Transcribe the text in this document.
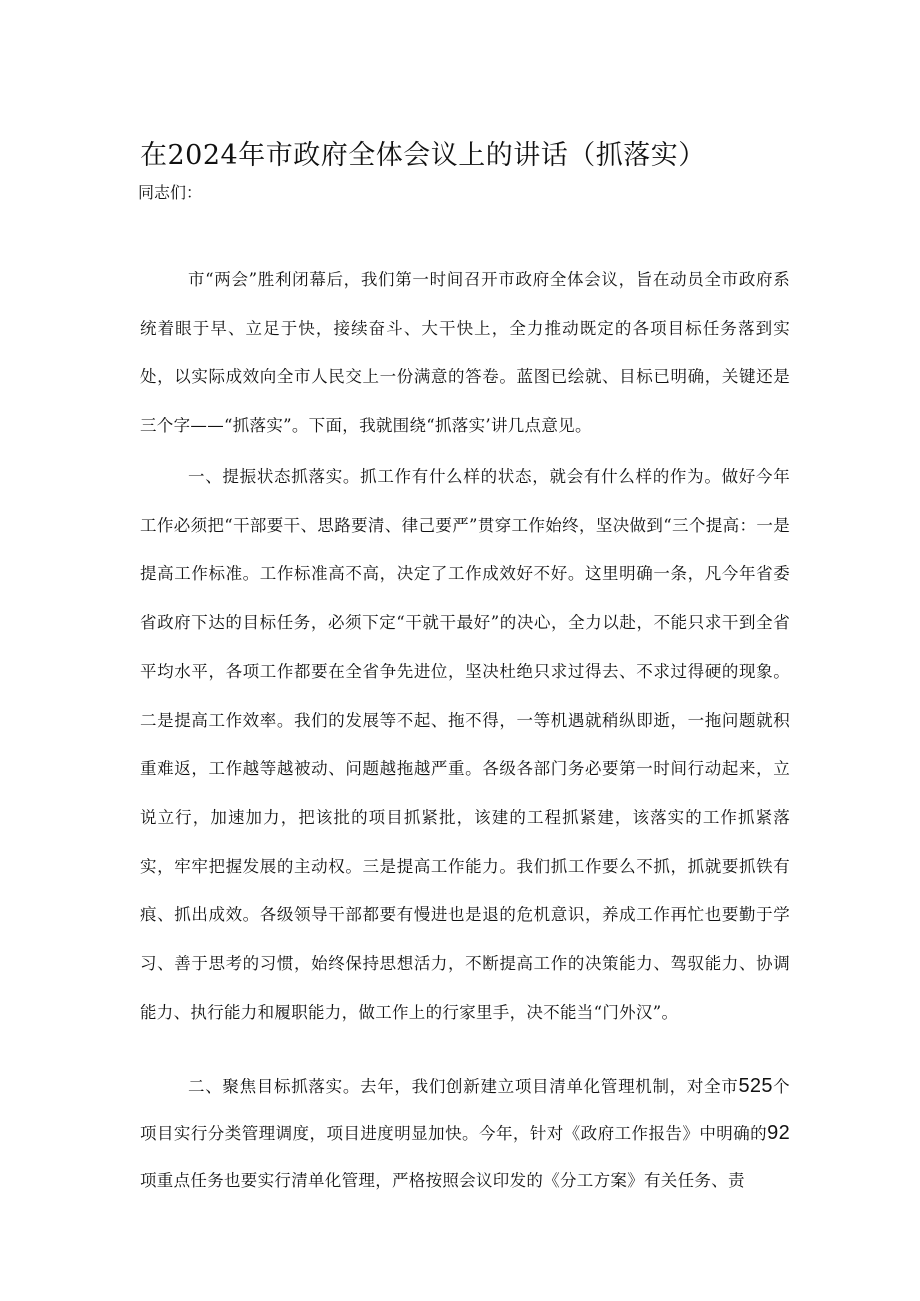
在2024年市政府全体会议上的讲话（抓落实）

同志们：

市“两会”胜利闭幕后，我们第一时间召开市政府全体会议，旨在动员全市政府系统着眼于早、立足于快，接续奋斗、大干快上，全力推动既定的各项目标任务落到实处，以实际成效向全市人民交上一份满意的答卷。蓝图已绘就、目标已明确，关键还是三个字——“抓落实”。下面，我就围绕“抓落实’讲几点意见。

一、提振状态抓落实。抓工作有什么样的状态，就会有什么样的作为。做好今年工作必须把“干部要干、思路要清、律己要严”贯穿工作始终，坚决做到“三个提高：一是提高工作标准。工作标准高不高，决定了工作成效好不好。这里明确一条，凡今年省委省政府下达的目标任务，必须下定“干就干最好”的决心，全力以赴，不能只求干到全省平均水平，各项工作都要在全省争先进位，坚决杜绝只求过得去、不求过得硬的现象。二是提高工作效率。我们的发展等不起、拖不得，一等机遇就稍纵即逝，一拖问题就积重难返，工作越等越被动、问题越拖越严重。各级各部门务必要第一时间行动起来，立说立行，加速加力，把该批的项目抓紧批，该建的工程抓紧建，该落实的工作抓紧落实，牢牢把握发展的主动权。三是提高工作能力。我们抓工作要么不抓，抓就要抓铁有痕、抓出成效。各级领导干部都要有慢进也是退的危机意识，养成工作再忙也要勤于学习、善于思考的习惯，始终保持思想活力，不断提高工作的决策能力、驾驭能力、协调能力、执行能力和履职能力，做工作上的行家里手，决不能当“门外汉”。

二、聚焦目标抓落实。去年，我们创新建立项目清单化管理机制，对全市525个项目实行分类管理调度，项目进度明显加快。今年，针对《政府工作报告》中明确的92项重点任务也要实行清单化管理，严格按照会议印发的《分工方案》有关任务、责
